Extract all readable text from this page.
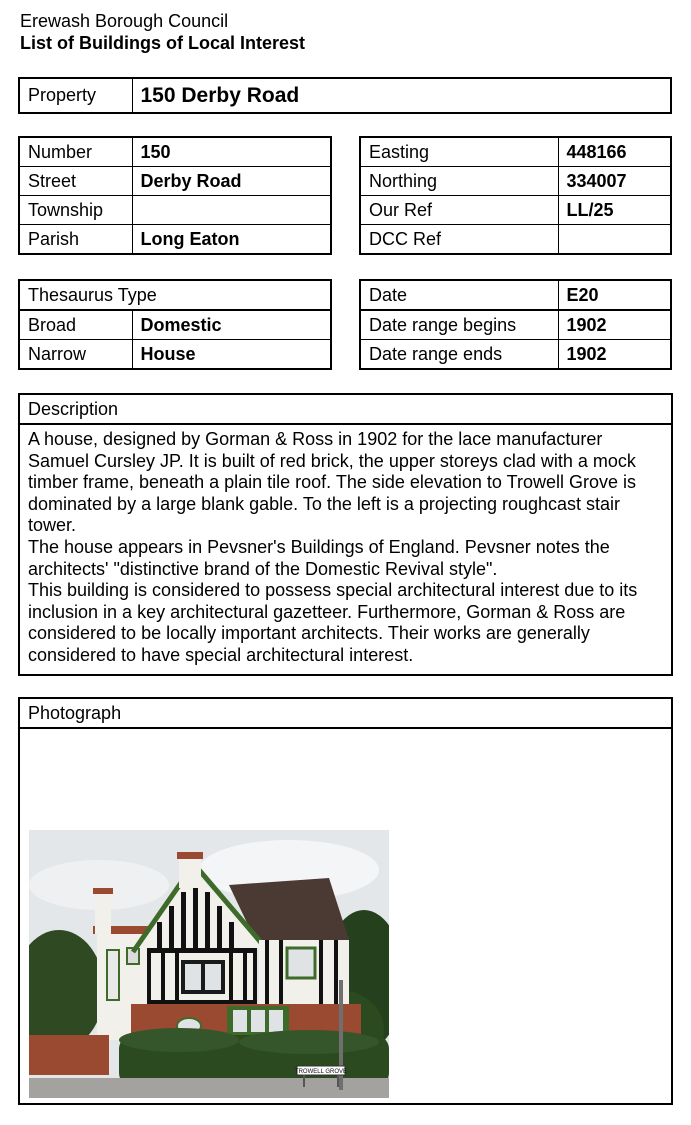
Erewash Borough Council
List of Buildings of Local Interest
Property	150 Derby Road
Number	150
Street	Derby Road
Township	
Parish	Long Eaton
Easting	448166
Northing	334007
Our Ref	LL/25
DCC Ref	
Thesaurus Type	
Broad	Domestic
Narrow	House
Date	E20
Date range begins	1902
Date range ends	1902
Description

A house, designed by Gorman & Ross in 1902 for the lace manufacturer Samuel Cursley JP. It is built of red brick, the upper storeys clad with a mock timber frame, beneath a plain tile roof. The side elevation to Trowell Grove is dominated by a large blank gable. To the left is a projecting roughcast stair tower.

The house appears in Pevsner's Buildings of England. Pevsner notes the architects' "distinctive brand of the Domestic Revival style".

This building is considered to possess special architectural interest due to its inclusion in a key architectural gazetteer. Furthermore, Gorman & Ross are considered to be locally important architects. Their works are generally considered to have special architectural interest.

Photograph
TROWELL GROVE
